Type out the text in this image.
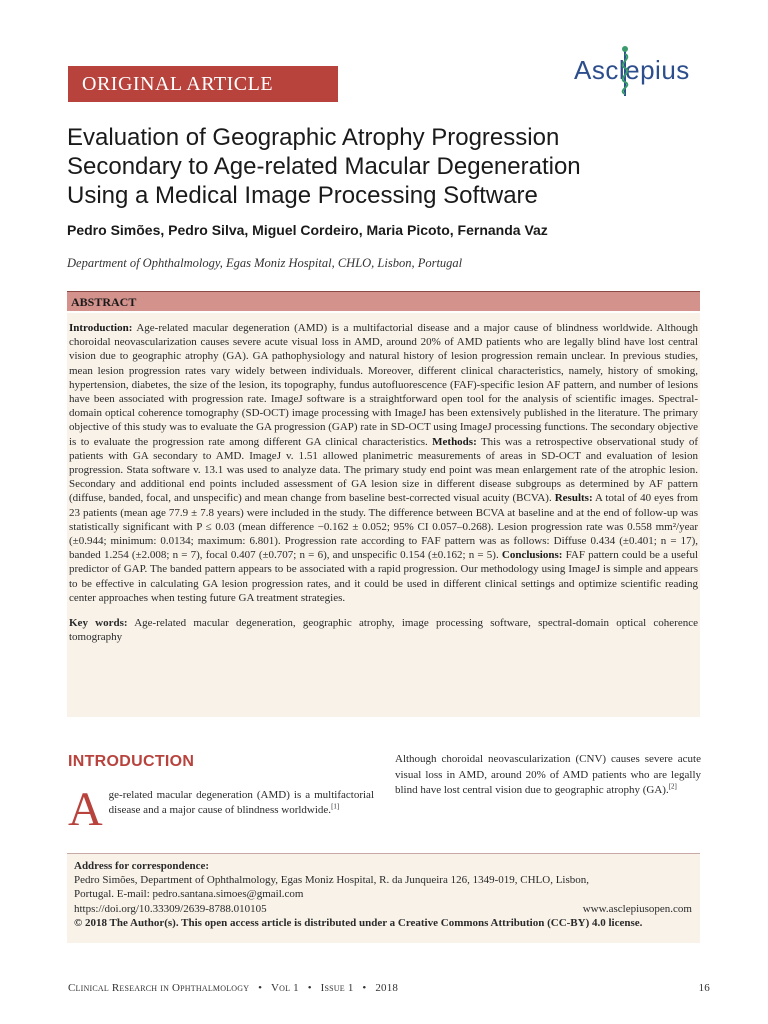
ORIGINAL ARTICLE	Asclepius
Evaluation of Geographic Atrophy Progression
Secondary to Age-related Macular Degeneration
Using a Medical Image Processing Software
Pedro Simões, Pedro Silva, Miguel Cordeiro, Maria Picoto, Fernanda Vaz
Department of Ophthalmology, Egas Moniz Hospital, CHLO, Lisbon, Portugal
ABSTRACT

Introduction: Age-related macular degeneration (AMD) is a multifactorial disease and a major cause of blindness worldwide. Although choroidal neovascularization causes severe acute visual loss in AMD, around 20% of AMD patients who are legally blind have lost central vision due to geographic atrophy (GA). GA pathophysiology and natural history of lesion progression remain unclear. In previous studies, mean lesion progression rates vary widely between individuals. Moreover, different clinical characteristics, namely, history of smoking, hypertension, diabetes, the size of the lesion, its topography, fundus autofluorescence (FAF)-specific lesion AF pattern, and number of lesions have been associated with progression rate. ImageJ software is a straightforward open tool for the analysis of scientific images. Spectral-domain optical coherence tomography (SD-OCT) image processing with ImageJ has been extensively published in the literature. The primary objective of this study was to evaluate the GA progression (GAP) rate in SD-OCT using ImageJ processing functions. The secondary objective is to evaluate the progression rate among different GA clinical characteristics. Methods: This was a retrospective observational study of patients with GA secondary to AMD. ImageJ v. 1.51 allowed planimetric measurements of areas in SD-OCT and evaluation of lesion progression. Stata software v. 13.1 was used to analyze data. The primary study end point was mean enlargement rate of the atrophic lesion. Secondary and additional end points included assessment of GA lesion size in different disease subgroups as determined by AF pattern (diffuse, banded, focal, and unspecific) and mean change from baseline best-corrected visual acuity (BCVA). Results: A total of 40 eyes from 23 patients (mean age 77.9 ± 7.8 years) were included in the study. The difference between BCVA at baseline and at the end of follow-up was statistically significant with P ≤ 0.03 (mean difference −0.162 ± 0.052; 95% CI 0.057–0.268). Lesion progression rate was 0.558 mm²/year (±0.944; minimum: 0.0134; maximum: 6.801). Progression rate according to FAF pattern was as follows: Diffuse 0.434 (±0.401; n = 17), banded 1.254 (±2.008; n = 7), focal 0.407 (±0.707; n = 6), and unspecific 0.154 (±0.162; n = 5). Conclusions: FAF pattern could be a useful predictor of GAP. The banded pattern appears to be associated with a rapid progression. Our methodology using ImageJ is simple and appears to be effective in calculating GA lesion progression rates, and it could be used in different clinical settings and optimize scientific reading center approaches when testing future GA treatment strategies.

Key words: Age-related macular degeneration, geographic atrophy, image processing software, spectral-domain optical coherence tomography

INTRODUCTION
Age-related macular degeneration (AMD) is a multifactorial disease and a major cause of blindness worldwide.[1]
Although choroidal neovascularization (CNV) causes severe acute visual loss in AMD, around 20% of AMD patients who are legally blind have lost central vision due to geographic atrophy (GA).[2]
Address for correspondence:
Pedro Simões, Department of Ophthalmology, Egas Moniz Hospital, R. da Junqueira 126, 1349-019, CHLO, Lisbon,
Portugal. E-mail: pedro.santana.simoes@gmail.com
https://doi.org/10.33309/2639-8788.010105	www.asclepiusopen.com
© 2018 The Author(s). This open access article is distributed under a Creative Commons Attribution (CC-BY) 4.0 license.
Clinical Research in Ophthalmology • Vol 1 • Issue 1 • 2018	16
